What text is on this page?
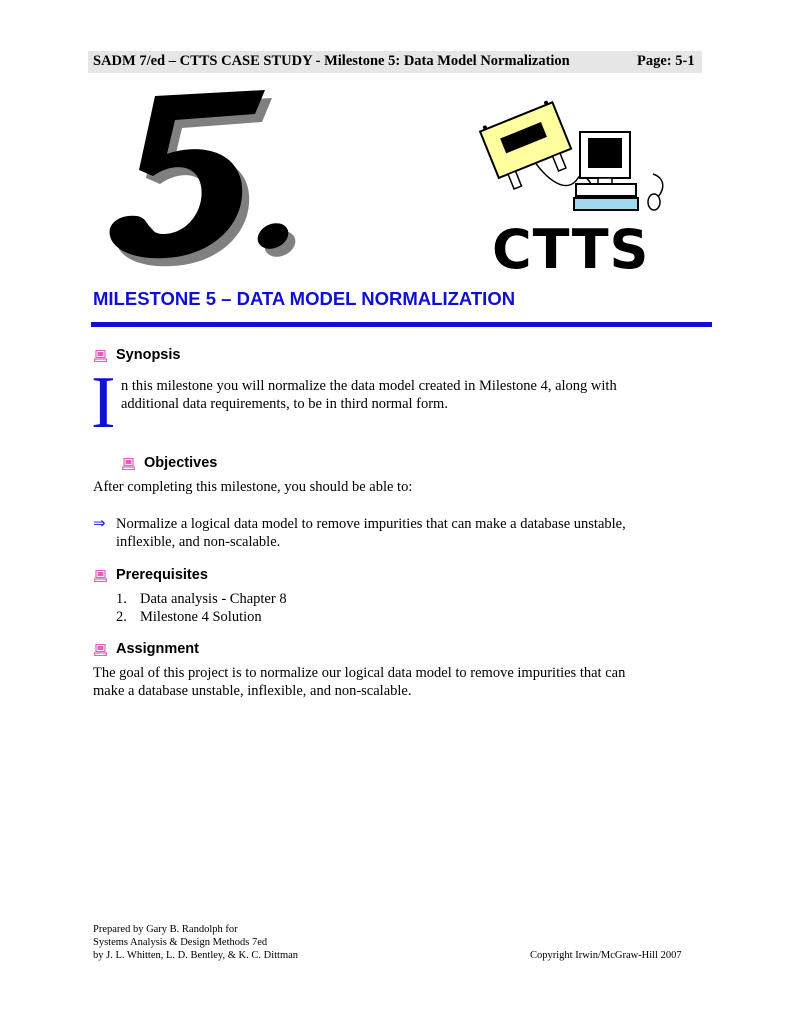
SADM 7/ed – CTTS CASE STUDY - Milestone 5: Data Model Normalization	Page: 5-1
CTTS
MILESTONE 5 – DATA MODEL NORMALIZATION
Synopsis
I n this milestone you will normalize the data model created in Milestone 4, along with
additional data requirements, to be in third normal form.
Objectives
After completing this milestone, you should be able to:
⇒ Normalize a logical data model to remove impurities that can make a database unstable,
inflexible, and non-scalable.
Prerequisites
1. Data analysis - Chapter 8
2. Milestone 4 Solution
Assignment
The goal of this project is to normalize our logical data model to remove impurities that can
make a database unstable, inflexible, and non-scalable.
Prepared by Gary B. Randolph for
Systems Analysis & Design Methods 7ed
by J. L. Whitten, L. D. Bentley, & K. C. Dittman	Copyright Irwin/McGraw-Hill 2007
